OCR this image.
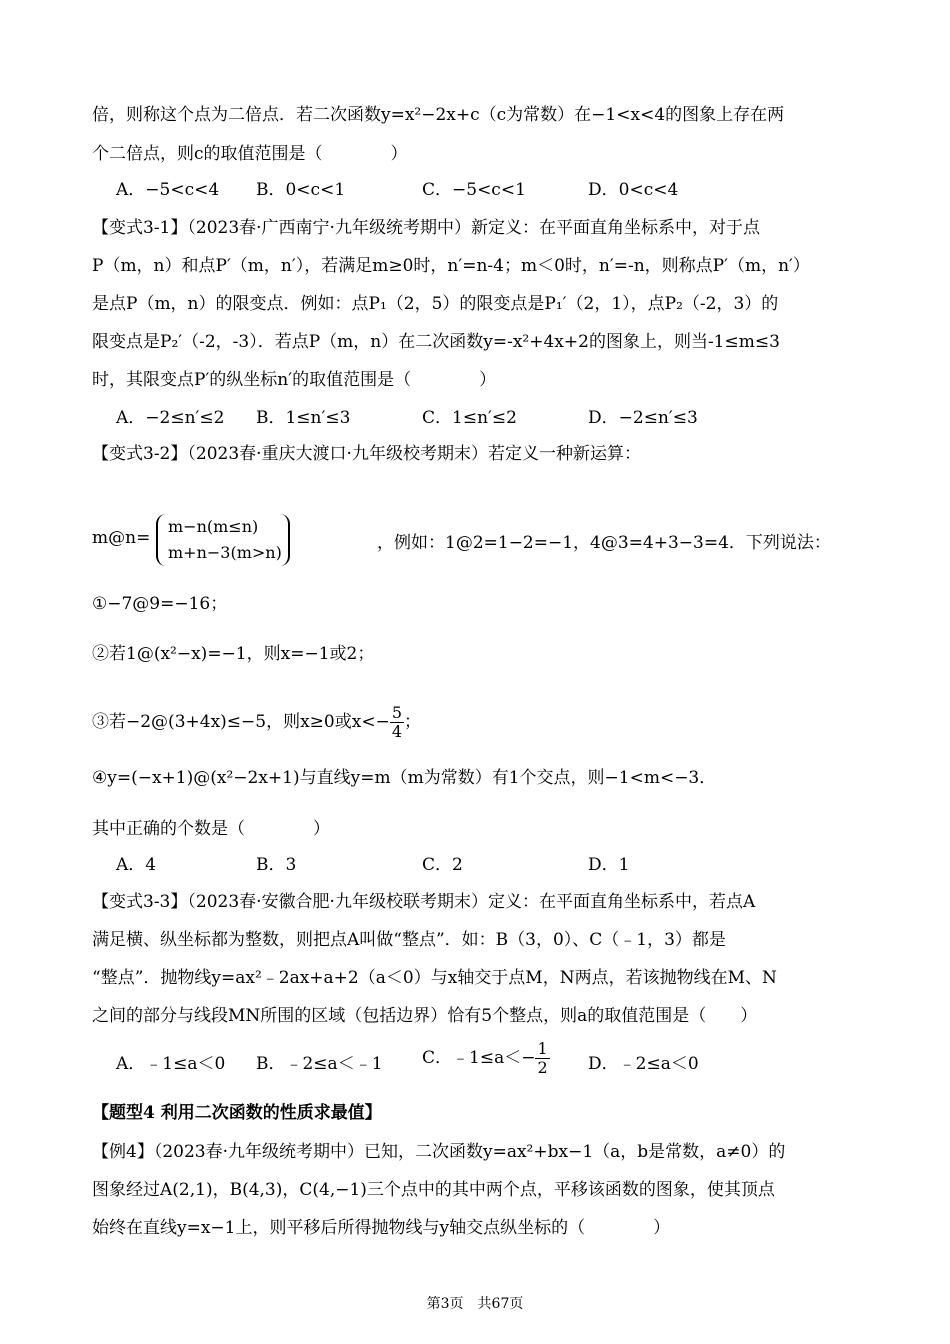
倍，则称这个点为二倍点．若二次函数y=x²−2x+c（c为常数）在−1<x<4的图象上存在两
个二倍点，则c的取值范围是（　　　　）
A．−5<c<4 B．0<c<1	C．−5<c<1	D．0<c<4
【变式3-1】（2023春·广西南宁·九年级统考期中）新定义：在平面直角坐标系中，对于点
P（m，n）和点P′（m，n′），若满足m≥0时，n′=n-4；m＜0时，n′=-n，则称点P′（m，n′）
是点P（m，n）的限变点．例如：点P₁（2，5）的限变点是P₁′（2，1），点P₂（-2，3）的
限变点是P₂′（-2，-3）．若点P（m，n）在二次函数y=-x²+4x+2的图象上，则当-1≤m≤3
时，其限变点P′的纵坐标n′的取值范围是（　　　　）
A．−2≤n′≤2 B．1≤n′≤3	C．1≤n′≤2	D．−2≤n′≤3
【变式3-2】（2023春·重庆大渡口·九年级校考期末）若定义一种新运算：
m@n=
m−n(m≤n)
m+n−3(m>n)	，例如：1@2=1−2=−1，4@3=4+3−3=4．下列说法：
①−7@9=−16；
②若1@(x²−x)=−1，则x=−1或2；
③若−2@(3+4x)≤−5，则x≥0或$x<- \frac{5}{4}$ ；
④y=(−x+1)@(x²−2x+1)与直线y=m（m为常数）有1个交点，则−1<m<−3．
其中正确的个数是（　　　　）
A．4	B．3	C．2	D．1
【变式3-3】（2023春·安徽合肥·九年级校联考期末）定义：在平面直角坐标系中，若点A
满足横、纵坐标都为整数，则把点A叫做“整点”．如：B（3，0）、C（﹣1，3）都是
“整点”．抛物线y=ax²﹣2ax+a+2（a＜0）与x轴交于点M，N两点，若该抛物线在M、N
之间的部分与线段MN所围的区域（包括边界）恰有5个整点，则a的取值范围是（　　）
A．﹣1≤a＜0 B．﹣2≤a＜﹣1 C．﹣1≤a＜− $\frac{1}{2}$ D．﹣2≤a＜0
【题型4 利用二次函数的性质求最值】
【例4】（2023春·九年级统考期中）已知，二次函数y=ax²+bx−1（a，b是常数，a≠0）的
图象经过A(2,1)，B(4,3)，C(4,−1)三个点中的其中两个点，平移该函数的图象，使其顶点
始终在直线y=x−1上，则平移后所得抛物线与y轴交点纵坐标的（　　　　）
第3页　共67页
